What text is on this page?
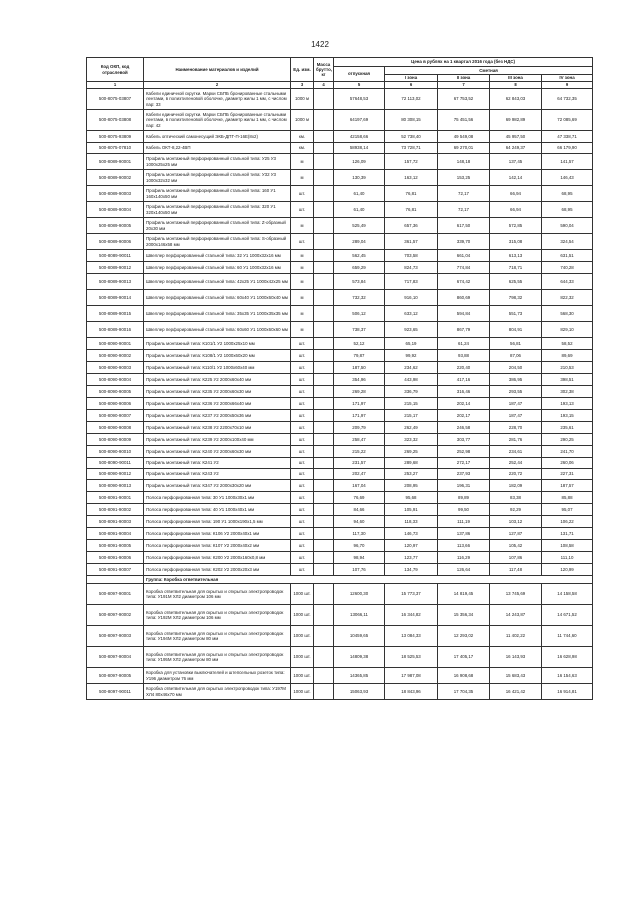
1422
Код ОКП, код отраслевой	Наименование материалов и изделий	Ед. изм.	Масса брутто, кг	Цена в рублях на 1 квартал 2016 года (без НДС)				
				отпускная	Сметная			
					I зона	II зона	III зона	IV зона
1	2	3	4	5	6	7	8	9
500-8075-03807	Кабели единичной скрутки. Марки СБПБ бронированные стальными лентами, в полиэтиленовой оболочке, диаметр жилы 1 мм, с числом пар: 33	1000 м		57648,53	72 113,02	67 753,52	62 843,03	64 732,35
500-8075-03808	Кабели единичной скрутки. Марки СБПБ бронированные стальными лентами, в полиэтиленовой оболочке, диаметр жилы 1 мм, с числом пар: 42	1000 м		64197,69	80 308,15	75 451,56	69 982,89	72 085,69
500-8075-93809	Кабель оптический самонесущий ЭКБ-ДПТ-П-16Е(8х2)	км.		42158,66	52 738,40	49 549,08	45 957,50	47 338,71
500-8075-07810	Кабель ОКТ-8,22-4ВП	км.		58938,14	73 728,71	69 270,01	64 249,37	66 179,90
500-8089-90001	Профиль монтажный перфорированный стальной типа: У25 У3 1000х25х25 мм	м		126,09	157,72	148,18	137,45	141,57
500-8089-90002	Профиль монтажный перфорированный стальной типа: У32 У3 1000х32х32 мм	м		130,39	163,12	153,25	142,14	146,43
500-8089-90003	Профиль монтажный перфорированный стальной типа: 160 У1 160х140х50 мм	шт.		61,40	76,81	72,17	66,94	68,95
500-8089-90004	Профиль монтажный перфорированный стальной типа: 320 У1 320х140х50 мм	шт.		61,40	76,81	72,17	66,94	68,95
500-8089-90005	Профиль монтажный перфорированный стальной типа: Z-образный 20х30 мм	м		525,49	657,36	617,50	572,85	590,04
500-8089-90006	Профиль монтажный перфорированный стальной типа: S-образный 2000х146х58 мм	шт.		289,04	361,57	339,70	315,08	324,54
500-8089-90011	Швеллер перфорированный стальной типа: 32 У1 1000х32х16 мм	м		562,45	703,58	661,04	613,13	631,51
500-8089-90012	Швеллер перфорированный стальной типа: 60 У1 1000х32х16 мм	м		659,29	824,73	774,84	718,71	740,28
500-8089-90013	Швеллер перфорированный стальной типа: 42х25 У1 1000х42х25 мм	м		573,84	717,83	674,42	625,55	644,33
500-8089-90014	Швеллер перфорированный стальной типа: 60х40 У1 1000х60х40 мм	м		732,32	916,10	860,69	798,32	822,32
500-8089-90015	Швеллер перфорированный стальной типа: 35х35 У1 1000х35х35 мм	м		506,12	633,12	594,84	551,73	568,30
500-8089-90016	Швеллер перфорированный стальной типа: 60х60 У1 1000х60х60 мм	м		738,37	923,65	867,79	804,91	829,10
500-8090-90001	Профиль монтажный типа: К101/1 У2 1000х25х10 мм	шт.		52,12	65,19	61,24	56,81	58,52
500-8090-90002	Профиль монтажный типа: К108/1 У2 1000х60х20 мм	шт.		79,87	99,92	93,88	87,06	89,69
500-8090-90003	Профиль монтажный типа: К110/1 У2 1000х60х40 мм	шт.		187,50	234,62	220,40	204,50	210,53
500-8090-90004	Профиль монтажный типа: К225 У2 2000х60х40 мм	шт.		354,96	443,98	417,16	386,95	398,51
500-8090-90005	Профиль монтажный типа: К235 У2 2000х60х30 мм	шт.		269,28	336,79	316,46	293,55	302,38
500-8090-90006	Профиль монтажный типа: К236 У2 2000х66х40 мм	шт.		171,97	215,15	202,14	187,47	193,13
500-8090-90007	Профиль монтажный типа: К237 У2 2000х50х36 мм	шт.		171,97	215,17	202,17	187,47	193,15
500-8090-90008	Профиль монтажный типа: К238 У2 2200х70х10 мм	шт.		209,79	262,49	246,58	228,70	235,61
500-8090-90009	Профиль монтажный типа: К239 У2 2000х100х40 мм	шт.		258,47	323,32	303,77	281,76	290,25
500-8090-90010	Профиль монтажный типа: К240 У2 2000х60х30 мм	шт.		215,22	269,25	252,98	234,61	241,70
500-8090-90011	Профиль монтажный типа: К241 У2	шт.		231,57	289,68	272,17	252,44	260,06
500-8090-90012	Профиль монтажный типа: К243 У2	шт.		202,47	253,27	237,93	220,72	227,31
500-8090-90013	Профиль монтажный типа: К347 У2 2000х30х20 мм	шт.		167,04	208,95	196,31	182,09	187,57
500-8091-90001	Полоса перфорированная типа: 30 У1 1000х30х1 мм	шт.		76,69	95,68	89,89	83,38	85,88
500-8091-90002	Полоса перфорированная типа: 40 У1 1000х40х1 мм	шт.		84,66	105,91	99,50	92,29	95,07
500-8091-90003	Полоса перфорированная типа: 190 У1 1000х190х1,5 мм	шт.		94,60	118,33	111,19	103,12	106,22
500-8091-90004	Полоса перфорированная типа: К106 У2 2000х40х1 мм	шт.		117,30	146,73	137,86	127,87	131,71
500-8091-90005	Полоса перфорированная типа: К107 У2 2000х40х2 мм	шт.		96,70	120,97	113,66	105,42	108,58
500-8091-90006	Полоса перфорированная типа: К200 У2 2000х160х0,8 мм	шт.		98,94	123,77	116,29	107,86	111,10
500-8091-90007	Полоса перфорированная типа: К202 У2 2000х20х3 мм	шт.		107,76	134,79	126,64	117,48	120,99
	Группа: Коробка ответвительная							
500-8097-90001	Коробка ответвительная для скрытых и открытых электропроводок типа: У191М ХЛ2 диаметром 106 мм	1000 шт.		12600,30	15 773,37	14 819,45	13 745,69	14 158,58
500-8097-90002	Коробка ответвительная для скрытых и открытых электропроводок типа: У192М ХЛ2 диаметром 106 мм	1000 шт.		13066,11	16 344,82	15 356,34	14 243,87	14 671,52
500-8097-90003	Коробка ответвительная для скрытых и открытых электропроводок типа: У194М ХЛ2 диаметром 80 мм	1000 шт.		10459,65	13 084,33	12 293,02	11 402,22	11 744,60
500-8097-90004	Коробка ответвительная для скрытых и открытых электропроводок типа: У195М ХЛ2 диаметром 80 мм	1000 шт.		14809,38	18 525,53	17 405,17	16 143,93	16 628,98
500-8097-90005	Коробка для установки выключателей и штепсельных розеток типа: У196 диаметром 76 мм	1000 шт.		14365,85	17 987,08	16 908,68	15 683,43	16 154,63
500-8097-90011	Коробка ответвительная для скрытых электропроводок типа: У197М ХЛ4 80х46х70 мм	1000 шт.		15063,93	18 843,96	17 704,35	16 421,42	16 914,81
